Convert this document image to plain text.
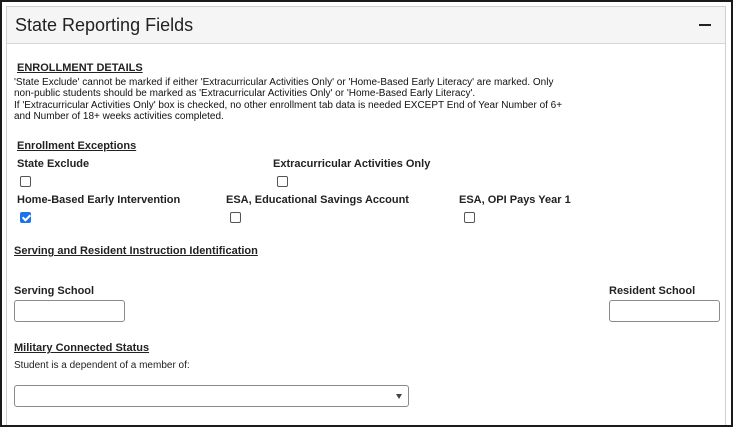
State Reporting Fields
ENROLLMENT DETAILS
'State Exclude' cannot be marked if either 'Extracurricular Activities Only' or 'Home-Based Early Literacy' are marked. Only
non-public students should be marked as 'Extracurricular Activities Only' or 'Home-Based Early Literacy'.
If 'Extracurricular Activities Only' box is checked, no other enrollment tab data is needed EXCEPT End of Year Number of 6+
and Number of 18+ weeks activities completed.
Enrollment Exceptions
State Exclude	Extracurricular Activities Only
Home-Based Early Intervention	ESA, Educational Savings Account	ESA, OPI Pays Year 1
Serving and Resident Instruction Identification
Serving School	Resident School
Military Connected Status
Student is a dependent of a member of:
